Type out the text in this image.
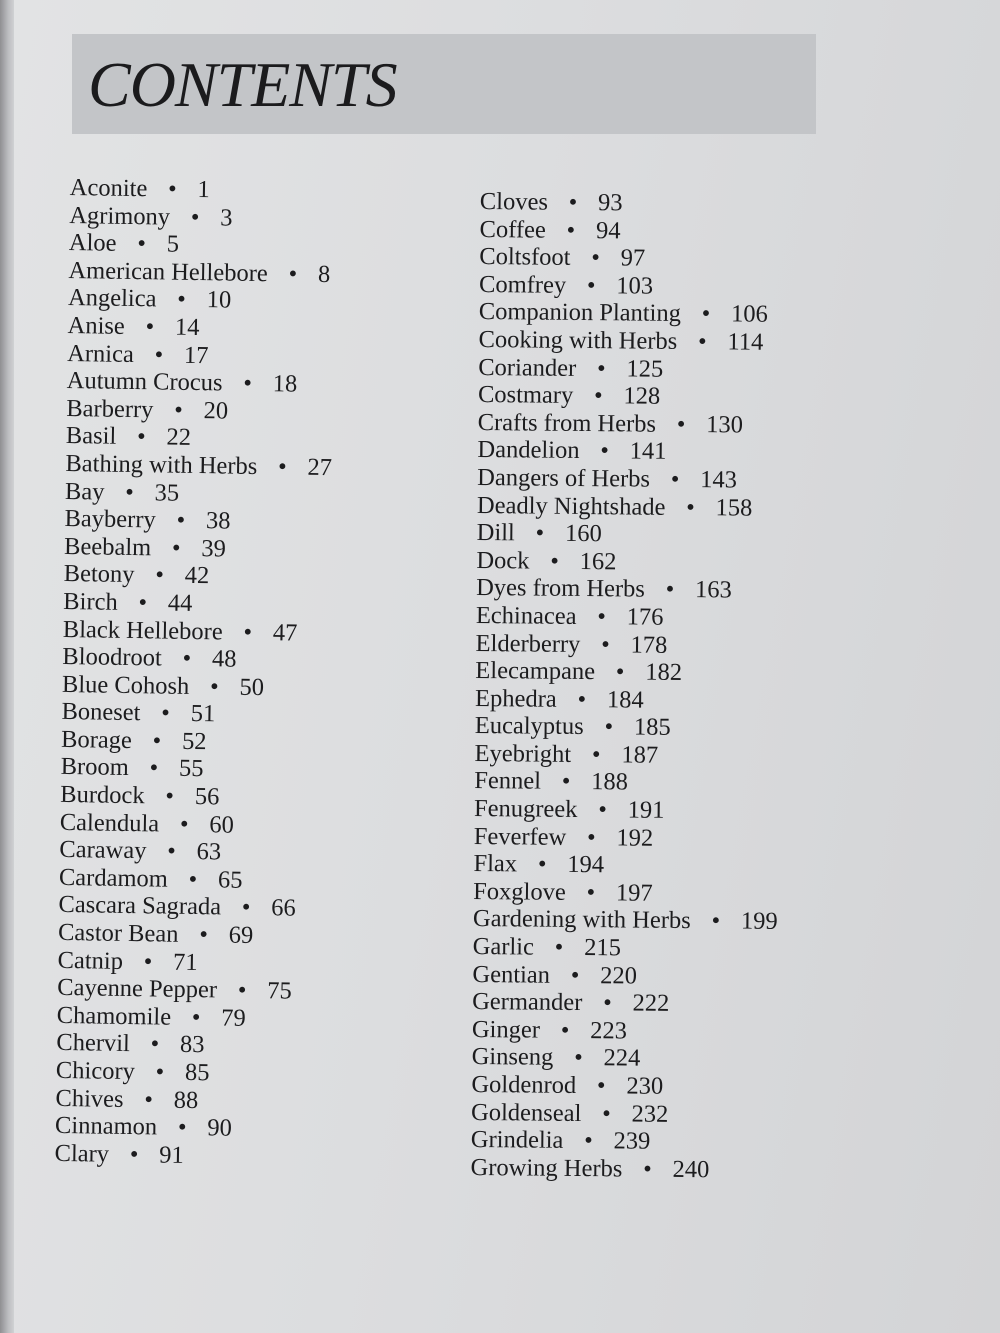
CONTENTS
Aconite • 1
Agrimony • 3
Aloe • 5
American Hellebore • 8
Angelica • 10
Anise • 14
Arnica • 17
Autumn Crocus • 18
Barberry • 20
Basil • 22
Bathing with Herbs • 27
Bay • 35
Bayberry • 38
Beebalm • 39
Betony • 42
Birch • 44
Black Hellebore • 47
Bloodroot • 48
Blue Cohosh • 50
Boneset • 51
Borage • 52
Broom • 55
Burdock • 56
Calendula • 60
Caraway • 63
Cardamom • 65
Cascara Sagrada • 66
Castor Bean • 69
Catnip • 71
Cayenne Pepper • 75
Chamomile • 79
Chervil • 83
Chicory • 85
Chives • 88
Cinnamon • 90
Clary • 91
Cloves • 93
Coffee • 94
Coltsfoot • 97
Comfrey • 103
Companion Planting • 106
Cooking with Herbs • 114
Coriander • 125
Costmary • 128
Crafts from Herbs • 130
Dandelion • 141
Dangers of Herbs • 143
Deadly Nightshade • 158
Dill • 160
Dock • 162
Dyes from Herbs • 163
Echinacea • 176
Elderberry • 178
Elecampane • 182
Ephedra • 184
Eucalyptus • 185
Eyebright • 187
Fennel • 188
Fenugreek • 191
Feverfew • 192
Flax • 194
Foxglove • 197
Gardening with Herbs • 199
Garlic • 215
Gentian • 220
Germander • 222
Ginger • 223
Ginseng • 224
Goldenrod • 230
Goldenseal • 232
Grindelia • 239
Growing Herbs • 240
